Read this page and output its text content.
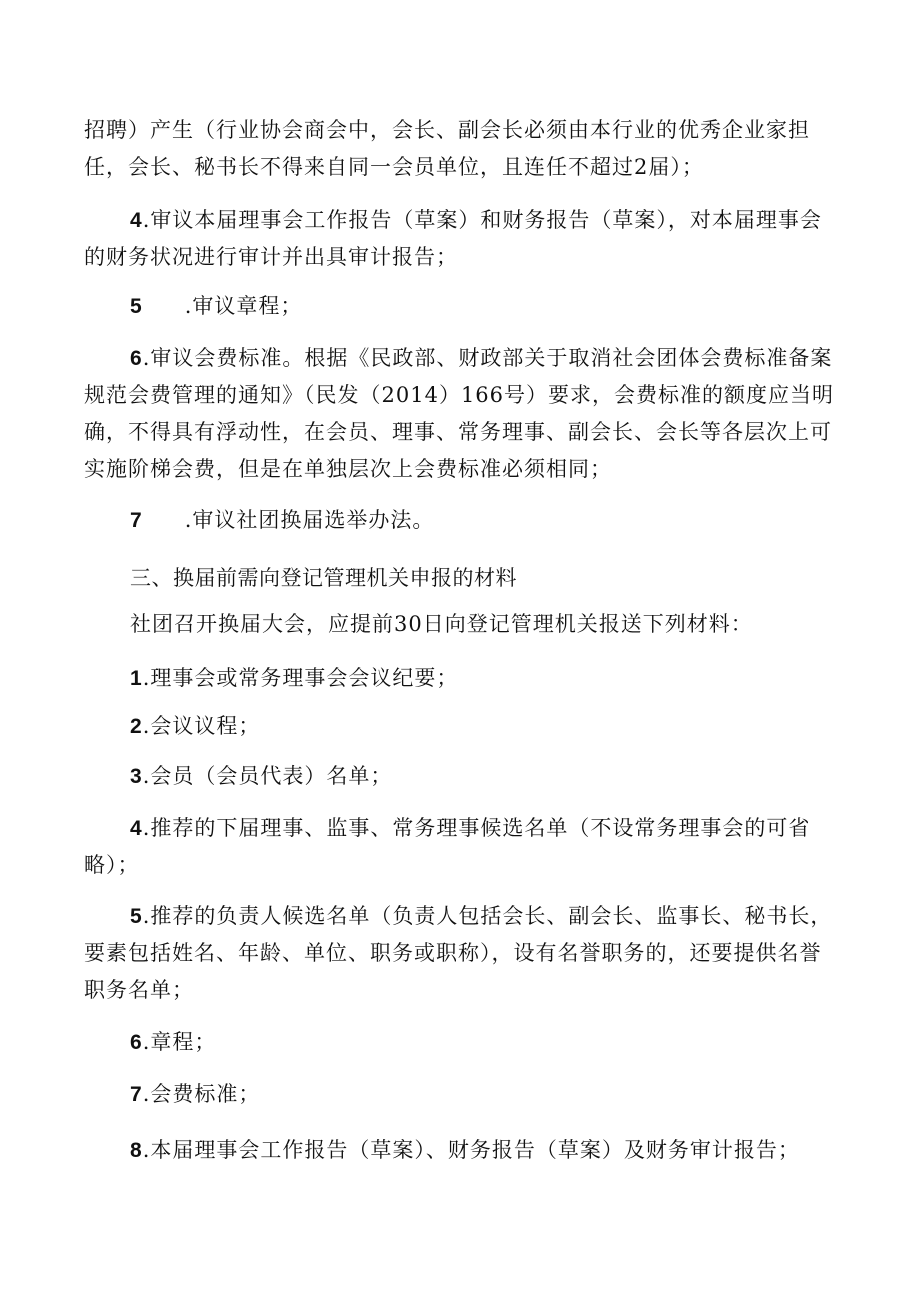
招聘）产生（行业协会商会中，会长、副会长必须由本行业的优秀企业家担任，会长、秘书长不得来自同一会员单位，且连任不超过2届）；

4.审议本届理事会工作报告（草案）和财务报告（草案），对本届理事会的财务状况进行审计并出具审计报告；

5 .审议章程；

6.审议会费标准。根据《民政部、财政部关于取消社会团体会费标准备案规范会费管理的通知》（民发（2014）166号）要求，会费标准的额度应当明确，不得具有浮动性，在会员、理事、常务理事、副会长、会长等各层次上可实施阶梯会费，但是在单独层次上会费标准必须相同；

7 .审议社团换届选举办法。

三、换届前需向登记管理机关申报的材料

社团召开换届大会，应提前30日向登记管理机关报送下列材料：

1.理事会或常务理事会会议纪要；

2.会议议程；

3.会员（会员代表）名单；

4.推荐的下届理事、监事、常务理事候选名单（不设常务理事会的可省略）；

5.推荐的负责人候选名单（负责人包括会长、副会长、监事长、秘书长，要素包括姓名、年龄、单位、职务或职称），设有名誉职务的，还要提供名誉职务名单；

6.章程；

7.会费标准；

8.本届理事会工作报告（草案）、财务报告（草案）及财务审计报告；
